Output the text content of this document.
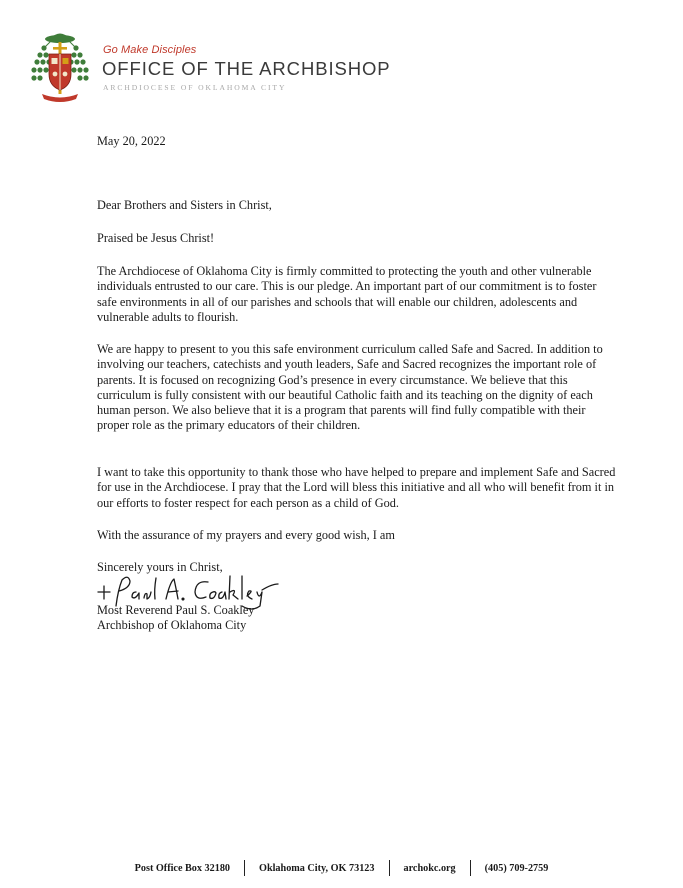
Go Make Disciples
OFFICE OF THE ARCHBISHOP
ARCHDIOCESE OF OKLAHOMA CITY
May 20, 2022
Dear Brothers and Sisters in Christ,
Praised be Jesus Christ!
The Archdiocese of Oklahoma City is firmly committed to protecting the youth and other vulnerable individuals entrusted to our care. This is our pledge. An important part of our commitment is to foster safe environments in all of our parishes and schools that will enable our children, adolescents and vulnerable adults to flourish.
We are happy to present to you this safe environment curriculum called Safe and Sacred. In addition to involving our teachers, catechists and youth leaders, Safe and Sacred recognizes the important role of parents. It is focused on recognizing God’s presence in every circumstance. We believe that this curriculum is fully consistent with our beautiful Catholic faith and its teaching on the dignity of each human person. We also believe that it is a program that parents will find fully compatible with their proper role as the primary educators of their children.
I want to take this opportunity to thank those who have helped to prepare and implement Safe and Sacred for use in the Archdiocese. I pray that the Lord will bless this initiative and all who will benefit from it in our efforts to foster respect for each person as a child of God.
With the assurance of my prayers and every good wish, I am
Sincerely yours in Christ,
Most Reverend Paul S. Coakley
Archbishop of Oklahoma City
Post Office Box 32180	Oklahoma City, OK 73123	archokc.org	(405) 709-2759
